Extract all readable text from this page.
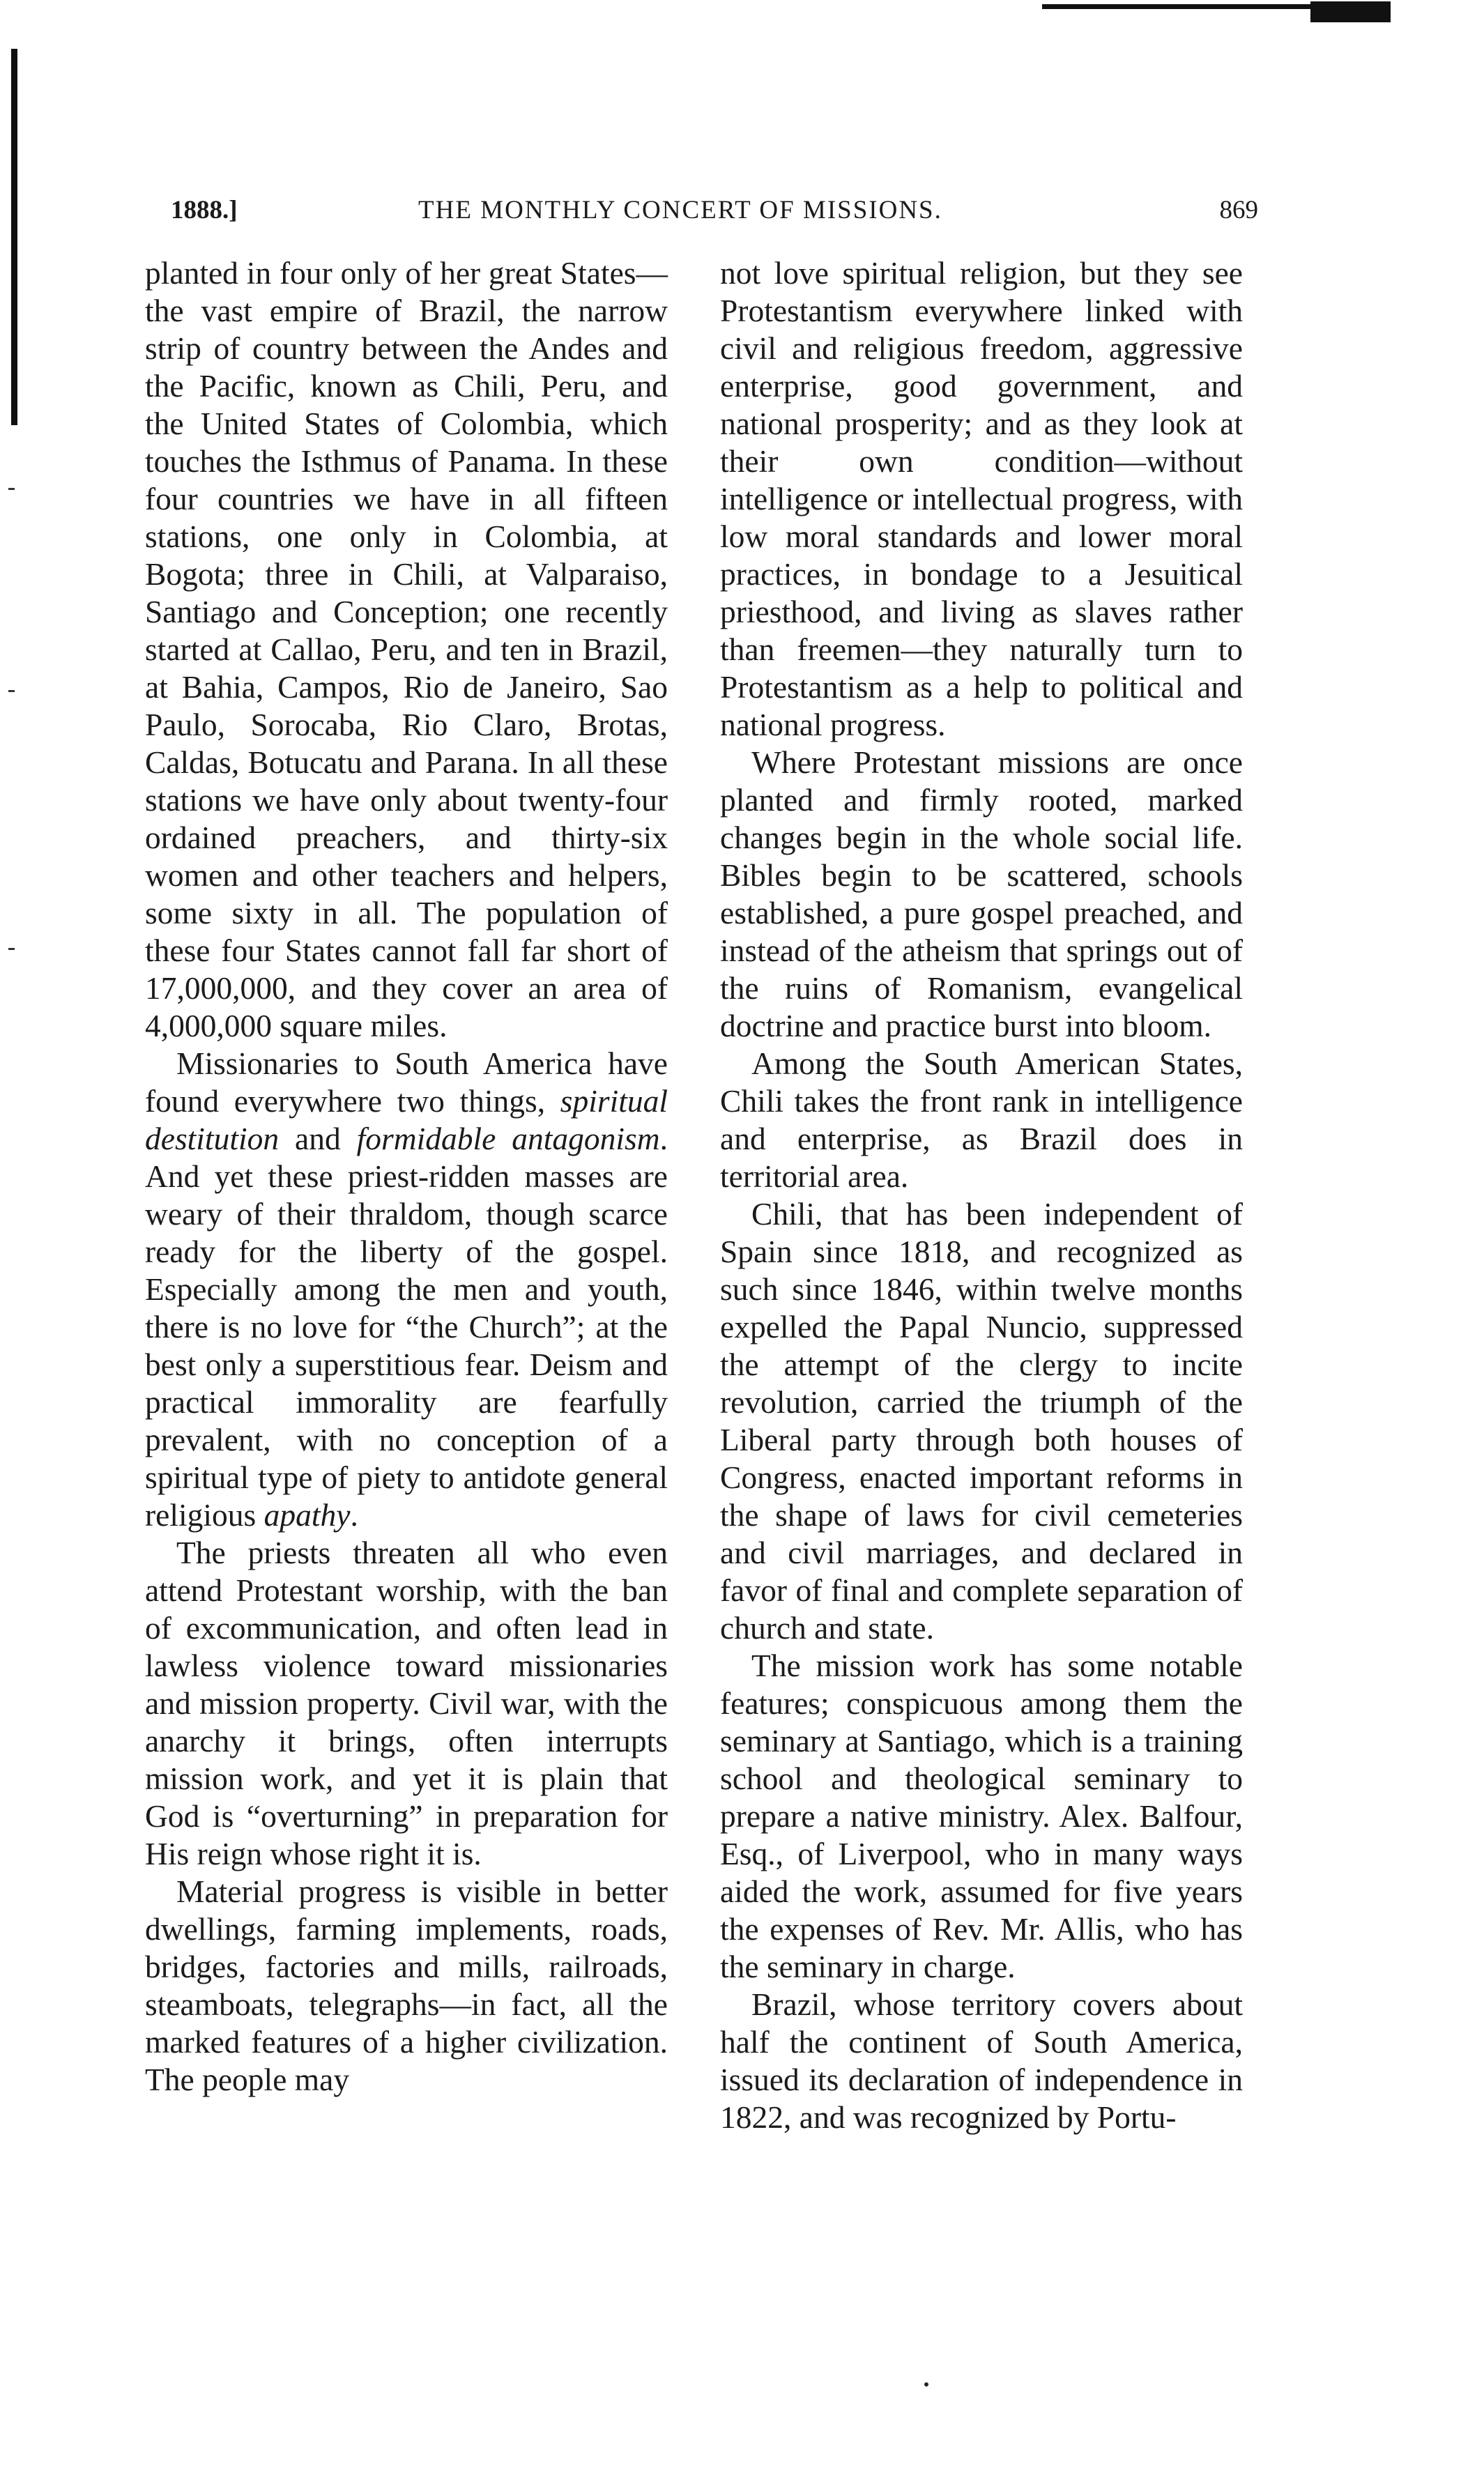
1888.]	THE MONTHLY CONCERT OF MISSIONS.	869

planted in four only of her great States—the vast empire of Brazil, the narrow strip of country between the Andes and the Pacific, known as Chili, Peru, and the United States of Colombia, which touches the Isthmus of Panama. In these four countries we have in all fifteen stations, one only in Colombia, at Bogota; three in Chili, at Valparaiso, Santiago and Conception; one recently started at Callao, Peru, and ten in Brazil, at Bahia, Campos, Rio de Janeiro, Sao Paulo, Sorocaba, Rio Claro, Brotas, Caldas, Botucatu and Parana. In all these stations we have only about twenty-four ordained preachers, and thirty-six women and other teachers and helpers, some sixty in all. The population of these four States cannot fall far short of 17,000,000, and they cover an area of 4,000,000 square miles.

Missionaries to South America have found everywhere two things, spiritual destitution and formidable antagonism. And yet these priest-ridden masses are weary of their thraldom, though scarce ready for the liberty of the gospel. Especially among the men and youth, there is no love for “the Church”; at the best only a superstitious fear. Deism and practical immorality are fearfully prevalent, with no conception of a spiritual type of piety to antidote general religious apathy.

The priests threaten all who even attend Protestant worship, with the ban of excommunication, and often lead in lawless violence toward missionaries and mission property. Civil war, with the anarchy it brings, often interrupts mission work, and yet it is plain that God is “overturning” in preparation for His reign whose right it is.

Material progress is visible in better dwellings, farming implements, roads, bridges, factories and mills, railroads, steamboats, telegraphs—in fact, all the marked features of a higher civilization. The people may

not love spiritual religion, but they see Protestantism everywhere linked with civil and religious freedom, aggressive enterprise, good government, and national prosperity; and as they look at their own condition—without intelligence or intellectual progress, with low moral standards and lower moral practices, in bondage to a Jesuitical priesthood, and living as slaves rather than freemen—they naturally turn to Protestantism as a help to political and national progress.

Where Protestant missions are once planted and firmly rooted, marked changes begin in the whole social life. Bibles begin to be scattered, schools established, a pure gospel preached, and instead of the atheism that springs out of the ruins of Romanism, evangelical doctrine and practice burst into bloom.

Among the South American States, Chili takes the front rank in intelligence and enterprise, as Brazil does in territorial area.

Chili, that has been independent of Spain since 1818, and recognized as such since 1846, within twelve months expelled the Papal Nuncio, suppressed the attempt of the clergy to incite revolution, carried the triumph of the Liberal party through both houses of Congress, enacted important reforms in the shape of laws for civil cemeteries and civil marriages, and declared in favor of final and complete separation of church and state.

The mission work has some notable features; conspicuous among them the seminary at Santiago, which is a training school and theological seminary to prepare a native ministry. Alex. Balfour, Esq., of Liverpool, who in many ways aided the work, assumed for five years the expenses of Rev. Mr. Allis, who has the seminary in charge.

Brazil, whose territory covers about half the continent of South America, issued its declaration of independence in 1822, and was recognized by Portu-
